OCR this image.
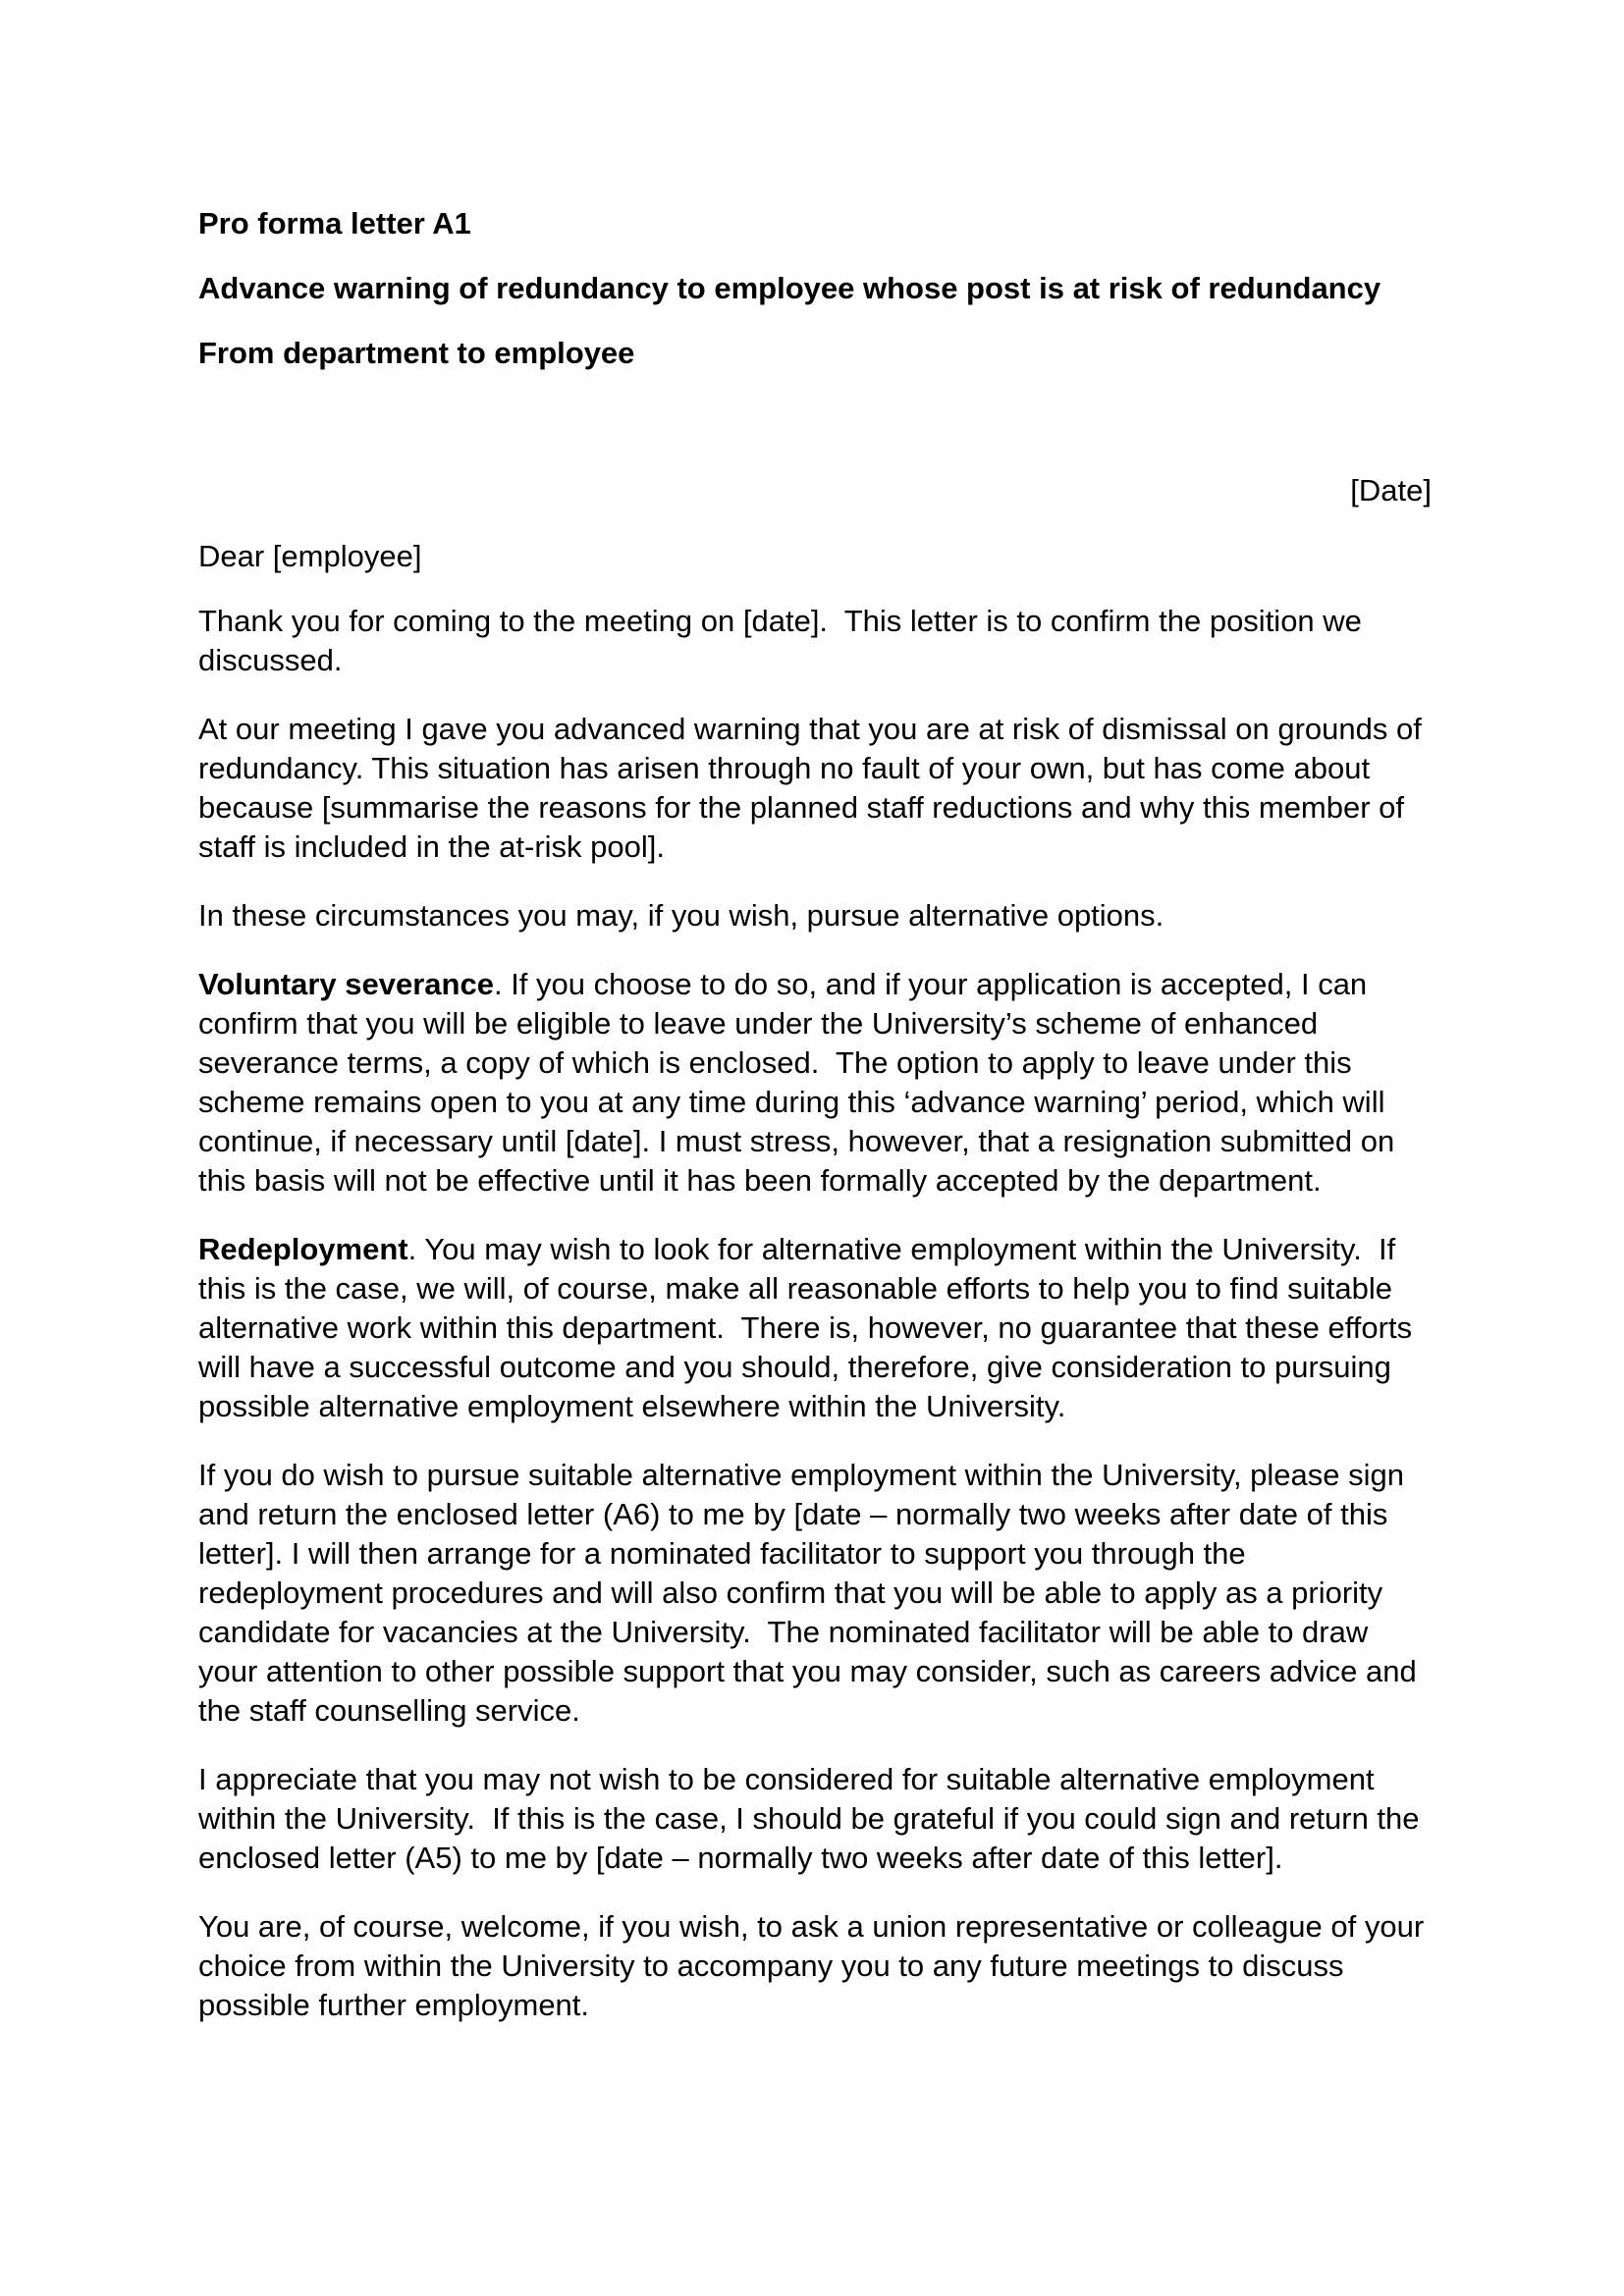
Pro forma letter A1

Advance warning of redundancy to employee whose post is at risk of redundancy

From department to employee

[Date]

Dear [employee]

Thank you for coming to the meeting on [date].  This letter is to confirm the position we discussed.

At our meeting I gave you advanced warning that you are at risk of dismissal on grounds of redundancy. This situation has arisen through no fault of your own, but has come about because [summarise the reasons for the planned staff reductions and why this member of staff is included in the at-risk pool].

In these circumstances you may, if you wish, pursue alternative options.

Voluntary severance. If you choose to do so, and if your application is accepted, I can confirm that you will be eligible to leave under the University’s scheme of enhanced severance terms, a copy of which is enclosed.  The option to apply to leave under this scheme remains open to you at any time during this ‘advance warning’ period, which will continue, if necessary until [date]. I must stress, however, that a resignation submitted on this basis will not be effective until it has been formally accepted by the department.

Redeployment. You may wish to look for alternative employment within the University.  If this is the case, we will, of course, make all reasonable efforts to help you to find suitable alternative work within this department.  There is, however, no guarantee that these efforts will have a successful outcome and you should, therefore, give consideration to pursuing possible alternative employment elsewhere within the University.

If you do wish to pursue suitable alternative employment within the University, please sign and return the enclosed letter (A6) to me by [date – normally two weeks after date of this letter]. I will then arrange for a nominated facilitator to support you through the redeployment procedures and will also confirm that you will be able to apply as a priority candidate for vacancies at the University.  The nominated facilitator will be able to draw your attention to other possible support that you may consider, such as careers advice and the staff counselling service.

I appreciate that you may not wish to be considered for suitable alternative employment within the University.  If this is the case, I should be grateful if you could sign and return the enclosed letter (A5) to me by [date – normally two weeks after date of this letter].

You are, of course, welcome, if you wish, to ask a union representative or colleague of your choice from within the University to accompany you to any future meetings to discuss possible further employment.
